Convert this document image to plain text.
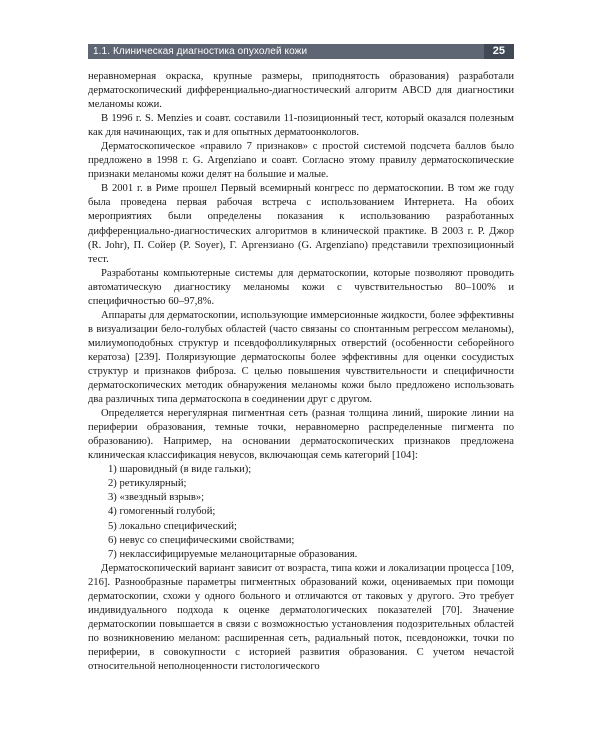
1.1. Клиническая диагностика опухолей кожи	25

неравномерная окраска, крупные размеры, приподнятость образования) разработали дерматоскопический дифференциально-диагностический алгоритм ABCD для диагностики меланомы кожи.

В 1996 г. S. Menzies и соавт. составили 11-позиционный тест, который оказался полезным как для начинающих, так и для опытных дерматоонкологов.

Дерматоскопическое «правило 7 признаков» с простой системой подсчета баллов было предложено в 1998 г. G. Argenziano и соавт. Согласно этому правилу дерматоскопические признаки меланомы кожи делят на большие и малые.

В 2001 г. в Риме прошел Первый всемирный конгресс по дерматоскопии. В том же году была проведена первая рабочая встреча с использованием Интернета. На обоих мероприятиях были определены показания к использованию разработанных дифференциально-диагностических алгоритмов в клинической практике. В 2003 г. Р. Джор (R. Johr), П. Сойер (P. Soyer), Г. Аргензиано (G. Argenziano) представили трехпозиционный тест.

Разработаны компьютерные системы для дерматоскопии, которые позволяют проводить автоматическую диагностику меланомы кожи с чувствительностью 80–100% и специфичностью 60–97,8%.

Аппараты для дерматоскопии, использующие иммерсионные жидкости, более эффективны в визуализации бело-голубых областей (часто связаны со спонтанным регрессом меланомы), милиумоподобных структур и псевдофолликулярных отверстий (особенности себорейного кератоза) [239]. Поляризующие дерматоскопы более эффективны для оценки сосудистых структур и признаков фиброза. С целью повышения чувствительности и специфичности дерматоскопических методик обнаружения меланомы кожи было предложено использовать два различных типа дерматоскопа в соединении друг с другом.

Определяется нерегулярная пигментная сеть (разная толщина линий, широкие линии на периферии образования, темные точки, неравномерно распределенные пигмента по образованию). Например, на основании дерматоскопических признаков предложена клиническая классификация невусов, включающая семь категорий [104]:

1) шаровидный (в виде гальки);

2) ретикулярный;

3) «звездный взрыв»;

4) гомогенный голубой;

5) локально специфический;

6) невус со специфическими свойствами;

7) неклассифицируемые меланоцитарные образования.

Дерматоскопический вариант зависит от возраста, типа кожи и локализации процесса [109, 216]. Разнообразные параметры пигментных образований кожи, оцениваемых при помощи дерматоскопии, схожи у одного больного и отличаются от таковых у другого. Это требует индивидуального подхода к оценке дерматологических показателей [70]. Значение дерматоскопии повышается в связи с возможностью установления подозрительных областей по возникновению меланом: расширенная сеть, радиальный поток, псевдоножки, точки по периферии, в совокупности с историей развития образования. С учетом нечастой относительной неполноценности гистологического
